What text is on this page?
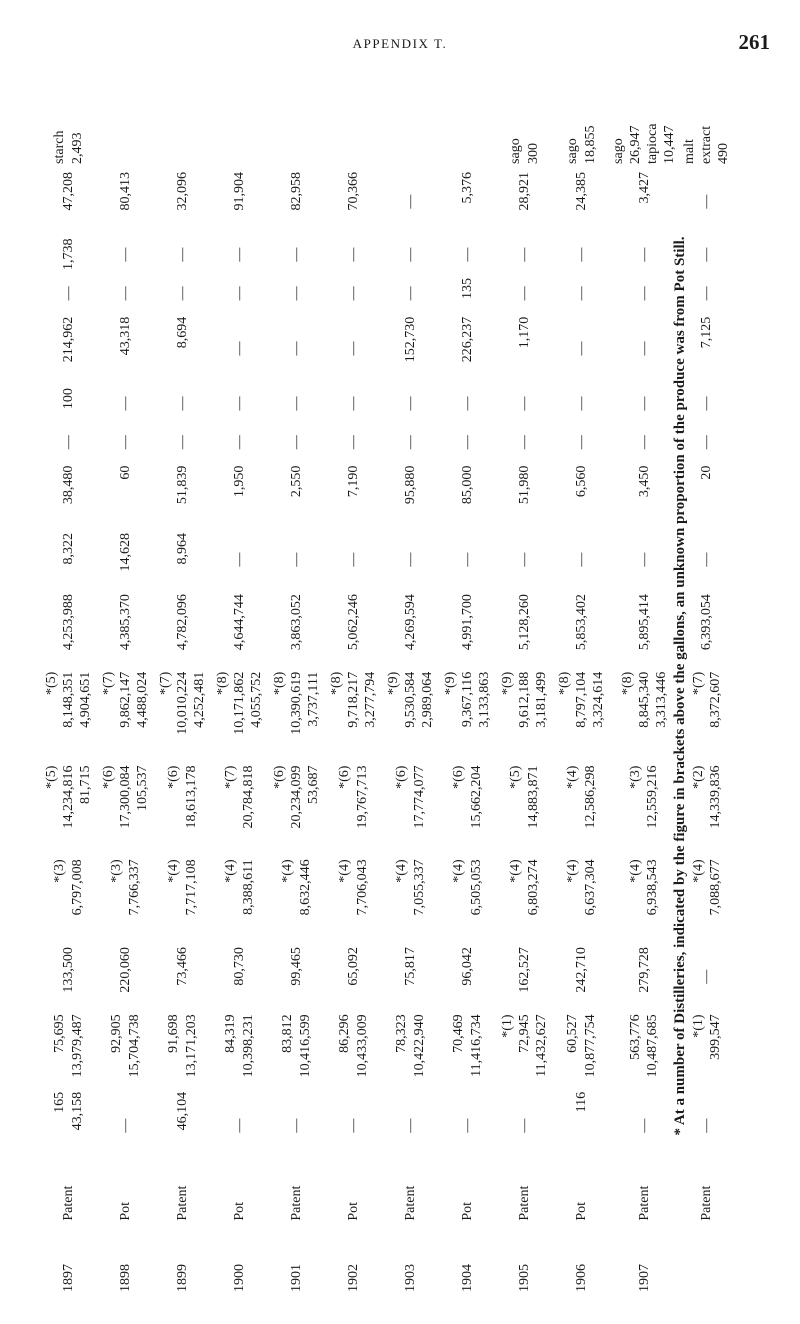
APPENDIX T.	261
1897	Patent	165 43,158	75,695 13,979,487	133,500	*(3) 6,797,008	*(5) 14,234,816 81,715	*(5) 8,148,351 4,904,651	4,253,988	8,322	38,480	—	100	214,962	—	1,738	47,208	starch 2,493

1898	Pot	—	92,905 15,704,738	220,060	*(3) 7,766,337	*(6) 17,300,084 105,537	*(7) 9,862,147 4,488,024	4,385,370	14,628	60	—	—	43,318	—	—	80,413	

1899	Patent	46,104	91,698 13,171,203	73,466	*(4) 7,717,108	*(6) 18,613,178	*(7) 10,010,224 4,252,481	4,782,096	8,964	51,839	—	—	8,694	—	—	32,096	

1900	Pot	—	84,319 10,398,231	80,730	*(4) 8,388,611	*(7) 20,784,818	*(8) 10,171,862 4,055,752	4,644,744	—	1,950	—	—	—	—	—	91,904	

1901	Patent	—	83,812 10,416,599	99,465	*(4) 8,632,446	*(6) 20,234,099 53,687	*(8) 10,390,619 3,737,111	3,863,052	—	2,550	—	—	—	—	—	82,958	

1902	Pot	—	86,296 10,433,009	65,092	*(4) 7,706,043	*(6) 19,767,713	*(8) 9,718,217 3,277,794	5,062,246	—	7,190	—	—	—	—	—	70,366	

1903	Patent	—	78,323 10,422,940	75,817	*(4) 7,055,337	*(6) 17,774,077	*(9) 9,530,584 2,989,064	4,269,594	—	95,880	—	—	152,730	—	—	—	

1904	Pot	—	70,469 11,416,734	96,042	*(4) 6,505,053	*(6) 15,662,204	*(9) 9,367,116 3,133,863	4,991,700	—	85,000	—	—	226,237	135	—	5,376	

1905	Patent	—	*(1) 72,945 11,432,627	162,527	*(4) 6,803,274	*(5) 14,883,871	*(9) 9,612,188 3,181,499	5,128,260	—	51,980	—	—	1,170	—	—	28,921	sago 300

1906	Pot	116	60,527 10,877,754	242,710	*(4) 6,637,304	*(4) 12,586,298	*(8) 8,797,104 3,324,614	5,853,402	—	6,560	—	—	—	—	—	24,385	sago 18,855

1907	Patent	—	563,776 10,487,685	279,728	*(4) 6,938,543	*(3) 12,559,216	*(8) 8,845,340 3,313,446	5,895,414	—	3,450	—	—	—	—	—	3,427	sago 26,947 tapioca 10,447

	Patent	—	*(1) 399,547	—	*(4) 7,088,677	*(2) 14,339,836	*(7) 8,372,607	6,393,054	—	20	—	—	7,125	—	—	—	malt extract 490
* At a number of Distilleries, indicated by the figure in brackets above the gallons, an unknown proportion of the produce was from Pot Still.
